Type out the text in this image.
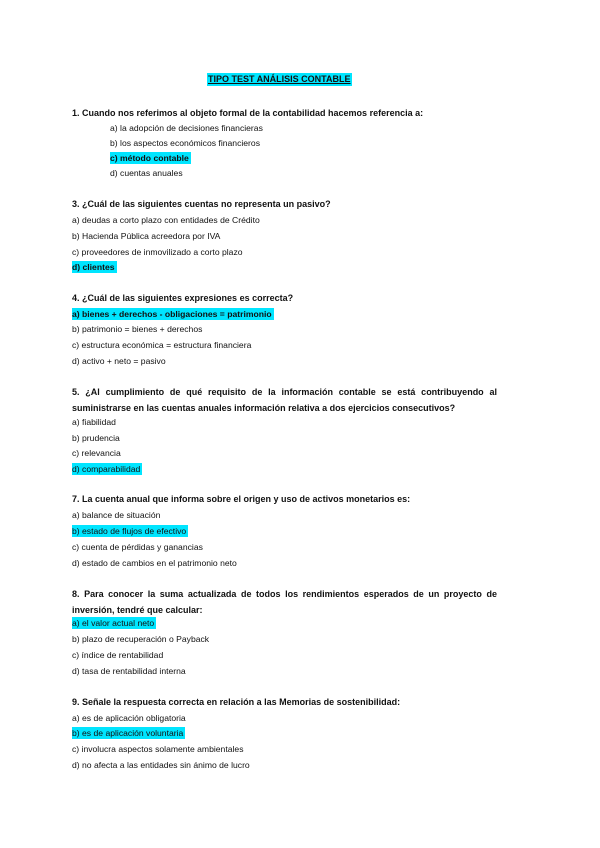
TIPO TEST ANÁLISIS CONTABLE
1. Cuando nos referimos al objeto formal de la contabilidad hacemos referencia a:
a) la adopción de decisiones financieras
b) los aspectos económicos financieros
c) método contable
d) cuentas anuales
3. ¿Cuál de las siguientes cuentas no representa un pasivo?
a) deudas a corto plazo con entidades de Crédito
b) Hacienda Pública acreedora por IVA
c) proveedores de inmovilizado a corto plazo
d) clientes
4. ¿Cuál de las siguientes expresiones es correcta?
a) bienes + derechos - obligaciones = patrimonio
b) patrimonio = bienes + derechos
c) estructura económica = estructura financiera
d) activo + neto = pasivo
5. ¿Al cumplimiento de qué requisito de la información contable se está contribuyendo al suministrarse en las cuentas anuales información relativa a dos ejercicios consecutivos?
a) fiabilidad
b) prudencia
c) relevancia
d) comparabilidad
7. La cuenta anual que informa sobre el origen y uso de activos monetarios es:
a) balance de situación
b) estado de flujos de efectivo
c) cuenta de pérdidas y ganancias
d) estado de cambios en el patrimonio neto
8. Para conocer la suma actualizada de todos los rendimientos esperados de un proyecto de inversión, tendré que calcular:
a) el valor actual neto
b) plazo de recuperación o Payback
c) índice de rentabilidad
d) tasa de rentabilidad interna
9. Señale la respuesta correcta en relación a las Memorias de sostenibilidad:
a) es de aplicación obligatoria
b) es de aplicación voluntaria
c) involucra aspectos solamente ambientales
d) no afecta a las entidades sin ánimo de lucro
